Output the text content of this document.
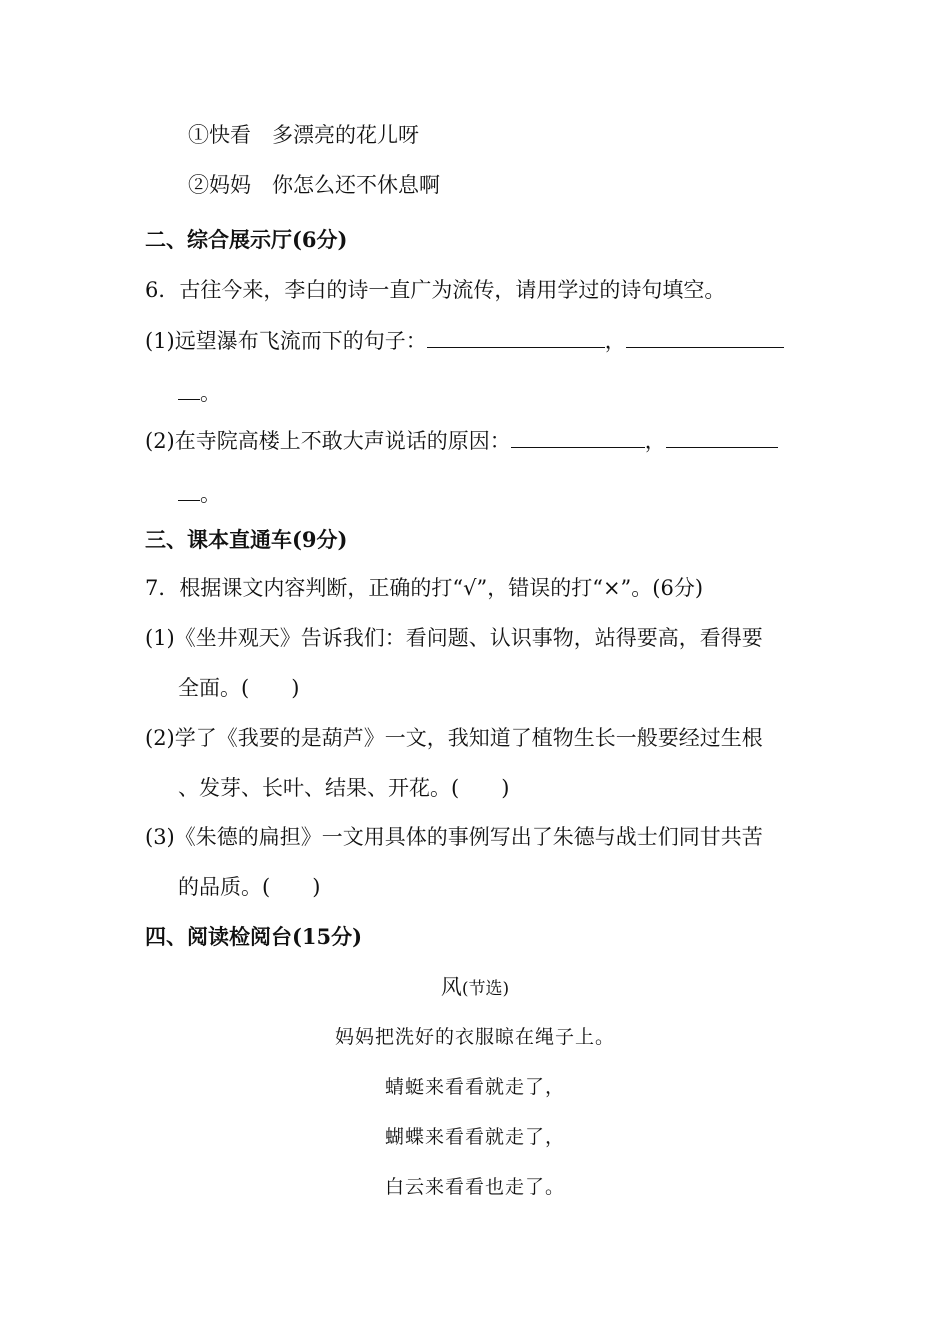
①快看　多漂亮的花儿呀
②妈妈　你怎么还不休息啊
二、综合展示厅(6分)
6．古往今来，李白的诗一直广为流传，请用学过的诗句填空。
(1)远望瀑布飞流而下的句子：	，
。
(2)在寺院高楼上不敢大声说话的原因：	，
。
三、课本直通车(9分)
7．根据课文内容判断，正确的打“√”，错误的打“×”。(6分)
(1)《坐井观天》告诉我们：看问题、认识事物，站得要高，看得要
全面。(　　)
(2)学了《我要的是葫芦》一文，我知道了植物生长一般要经过生根
、发芽、长叶、结果、开花。(　　)
(3)《朱德的扁担》一文用具体的事例写出了朱德与战士们同甘共苦
的品质。(　　)
四、阅读检阅台(15分)
风(节选)
妈妈把洗好的衣服晾在绳子上。
蜻蜓来看看就走了，
蝴蝶来看看就走了，
白云来看看也走了。
